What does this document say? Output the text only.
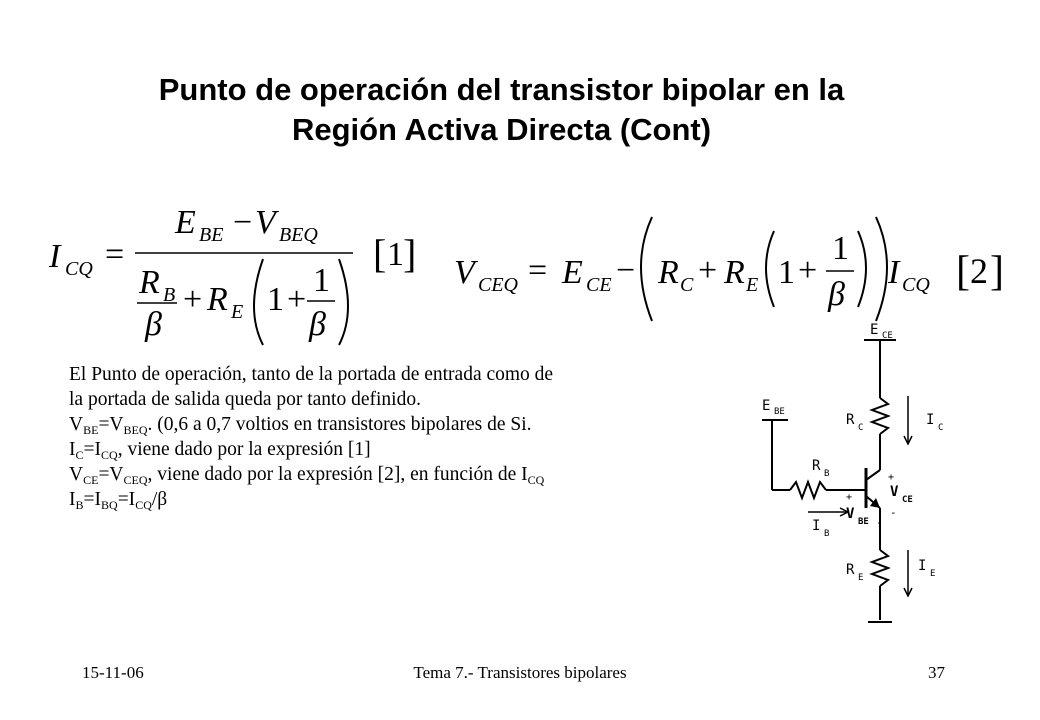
Punto de operación del transistor bipolar en la
Región Activa Directa (Cont)
I CQ =
E BE − V BEQ
R B
β
+ R E 1 +
1
β
[ 1 ] V CEQ = E CE − R C + R E 1 +
1
β
I CQ [ 2 ]
El Punto de operación, tanto de la portada de entrada como de
la portada de salida queda por tanto definido.
$V_{BE}=V_{BEQ}$. (0,6 a 0,7 voltios en transistores bipolares de Si.
$I_C=I_{CQ}$, viene dado por la expresión [1]
$V_{CE}=V_{CEQ}$, viene dado por la expresión [2], en función de $I_{CQ}$
$I_B=I_{BQ}=I_{CQ}/\beta$
E CE
E BE	R C	I C
R B
V CE
V BE
I B
R E
I E
+
-
+
-
15-11-06	Tema 7.- Transistores bipolares	37
